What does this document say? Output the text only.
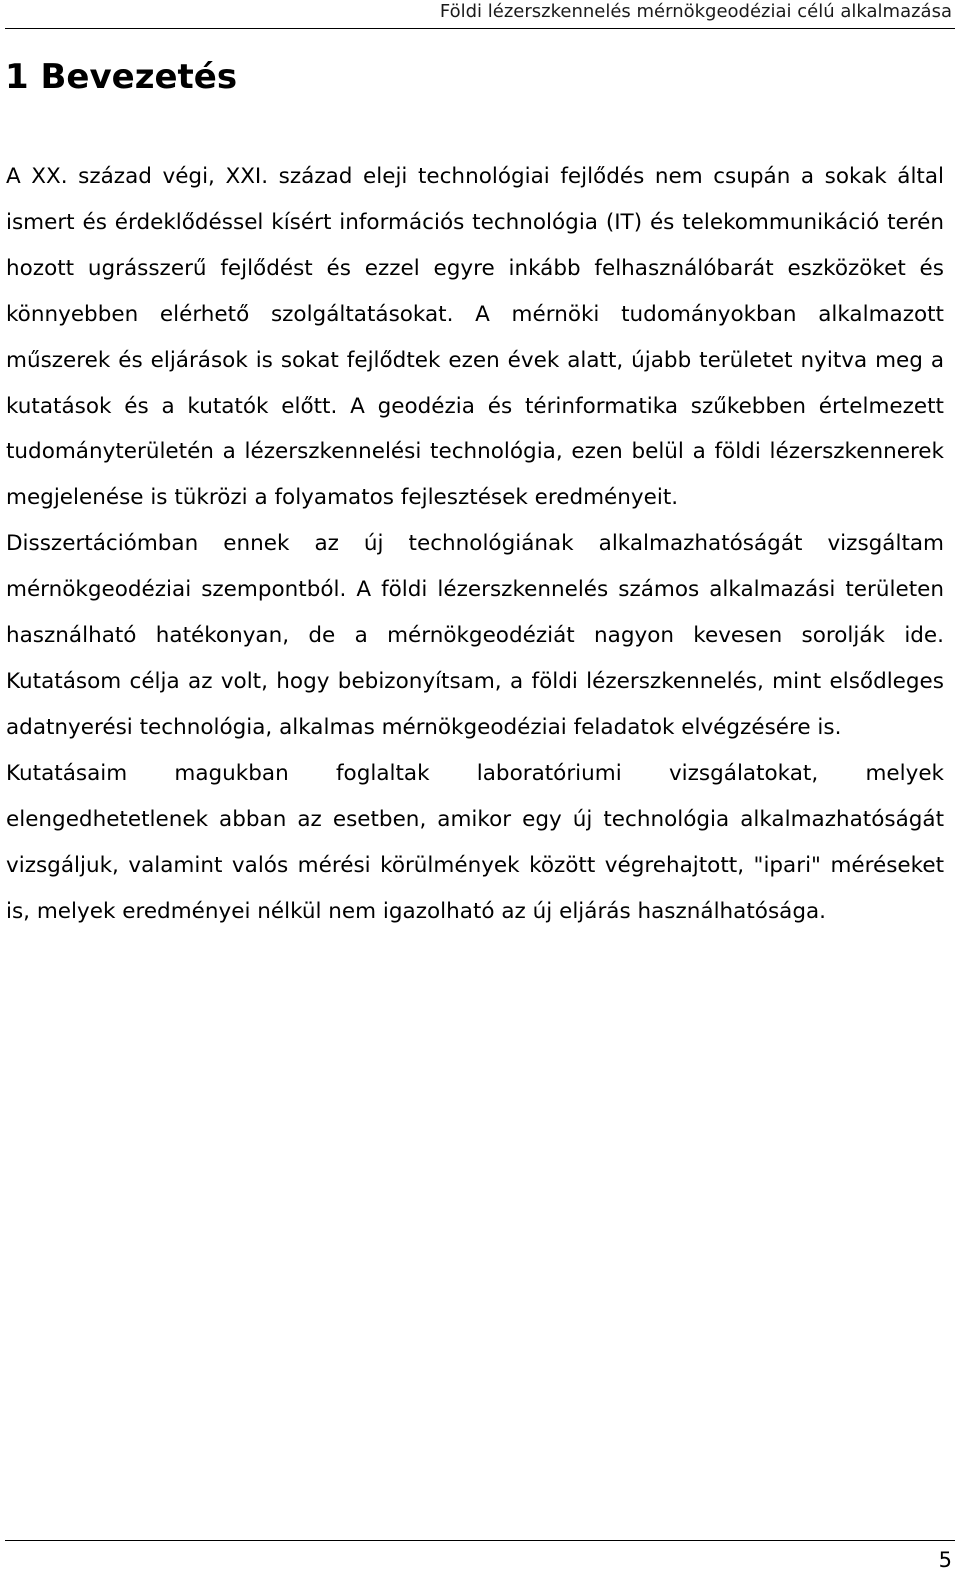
Földi lézerszkennelés mérnökgeodéziai célú alkalmazása
1 Bevezetés

A XX. század végi, XXI. század eleji technológiai fejlődés nem csupán a sokak által ismert és érdeklődéssel kísért információs technológia (IT) és telekommunikáció terén hozott ugrásszerű fejlődést és ezzel egyre inkább felhasználóbarát eszközöket és könnyebben elérhető szolgáltatásokat. A mérnöki tudományokban alkalmazott műszerek és eljárások is sokat fejlődtek ezen évek alatt, újabb területet nyitva meg a kutatások és a kutatók előtt. A geodézia és térinformatika szűkebben értelmezett tudományterületén a lézerszkennelési technológia, ezen belül a földi lézerszkennerek megjelenése is tükrözi a folyamatos fejlesztések eredményeit.

Disszertációmban ennek az új technológiának alkalmazhatóságát vizsgáltam mérnökgeodéziai szempontból. A földi lézerszkennelés számos alkalmazási területen használható hatékonyan, de a mérnökgeodéziát nagyon kevesen sorolják ide. Kutatásom célja az volt, hogy bebizonyítsam, a földi lézerszkennelés, mint elsődleges adatnyerési technológia, alkalmas mérnökgeodéziai feladatok elvégzésére is.

Kutatásaim magukban foglaltak laboratóriumi vizsgálatokat, melyek elengedhetetlenek abban az esetben, amikor egy új technológia alkalmazhatóságát vizsgáljuk, valamint valós mérési körülmények között végrehajtott, "ipari" méréseket is, melyek eredményei nélkül nem igazolható az új eljárás használhatósága.

5
